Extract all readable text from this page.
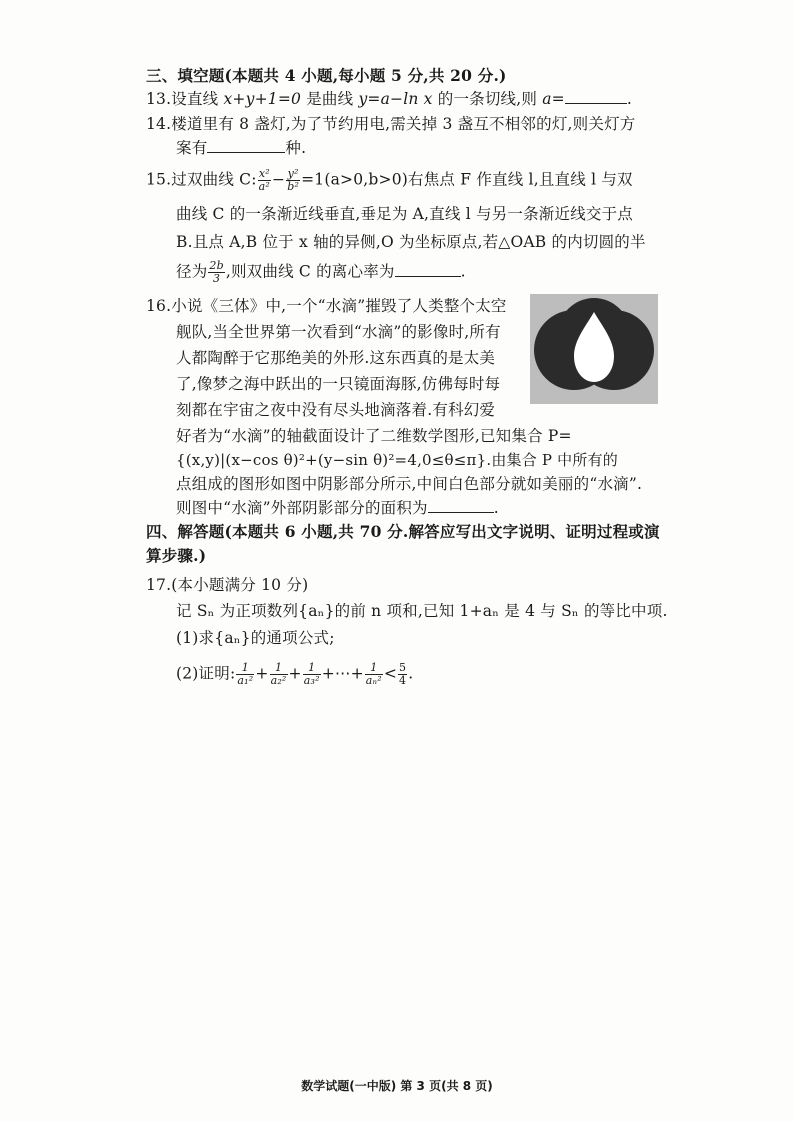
三、填空题(本题共 4 小题,每小题 5 分,共 20 分.)
13.设直线 x+y+1=0 是曲线 y=a−ln x 的一条切线,则 a=	.
14.楼道里有 8 盏灯,为了节约用电,需关掉 3 盏互不相邻的灯,则关灯方
案有	种.
15.过双曲线 C: $\frac{\text{x²}}{\text{a²}} - \frac{\text{y²}}{\text{b²}} =1(a>0,b>0)$右焦点 F 作直线 l,且直线 l 与双
曲线 C 的一条渐近线垂直,垂足为 A,直线 l 与另一条渐近线交于点
B.且点 A,B 位于 x 轴的异侧,O 为坐标原点,若△OAB 的内切圆的半
径为 $\frac{2b}{3}$ ,则双曲线 C 的离心率为	.
16.小说《三体》中,一个“水滴”摧毁了人类整个太空
舰队,当全世界第一次看到“水滴”的影像时,所有
人都陶醉于它那绝美的外形.这东西真的是太美
了,像梦之海中跃出的一只镜面海豚,仿佛每时每
刻都在宇宙之夜中没有尽头地滴落着.有科幻爱
好者为“水滴”的轴截面设计了二维数学图形,已知集合 P=
{(x,y)|(x−cos θ)²+(y−sin θ)²=4,0≤θ≤π}.由集合 P 中所有的
点组成的图形如图中阴影部分所示,中间白色部分就如美丽的“水滴”.
则图中“水滴”外部阴影部分的面积为	.
四、解答题(本题共 6 小题,共 70 分.解答应写出文字说明、证明过程或演
算步骤.)
17.(本小题满分 10 分)
记 Sₙ 为正项数列{aₙ}的前 n 项和,已知 1+aₙ 是 4 与 Sₙ 的等比中项.
(1)求{aₙ}的通项公式;
(2)证明: $\frac{1}{\text{a₁²}} + \frac{1}{\text{a₂²}} + \frac{1}{\text{a₃²}}$ +⋯+ $\frac{1}{\text{aₙ²}} < \frac{5}{4}$ .
数学试题(一中版) 第 3 页(共 8 页)
